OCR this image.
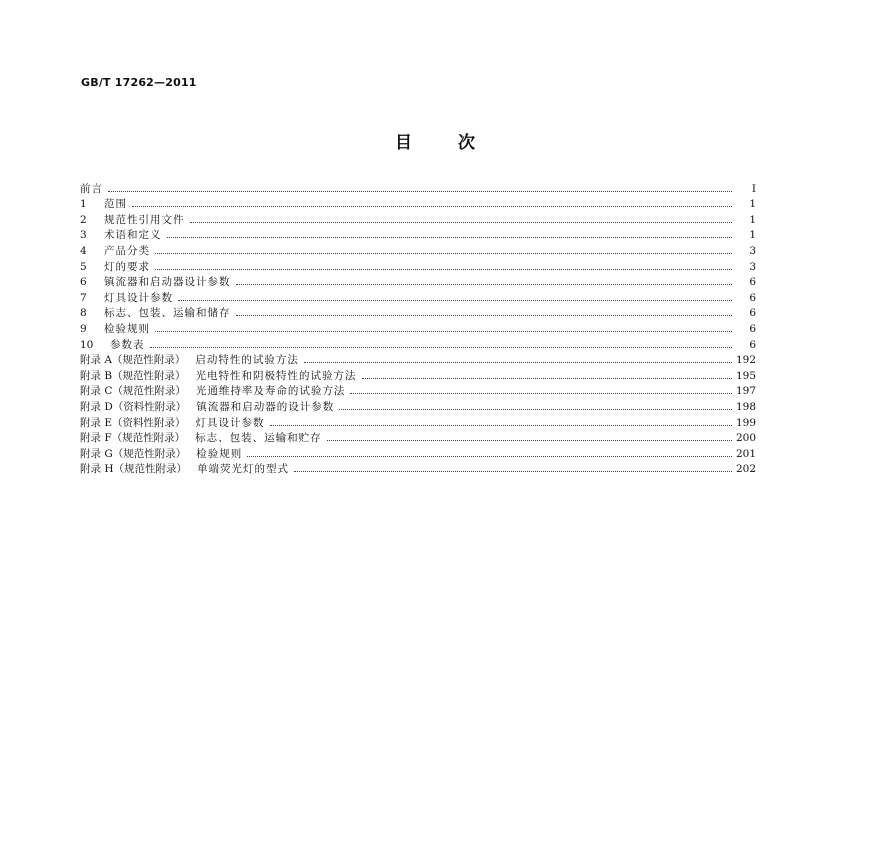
GB/T 17262—2011
目次
前言	I
1 范围	1
2 规范性引用文件	1
3 术语和定义	1
4 产品分类	3
5 灯的要求	3
6 镇流器和启动器设计参数	6
7 灯具设计参数	6
8 标志、包装、运输和储存	6
9 检验规则	6
10 参数表	6
附录 A（规范性附录） 启动特性的试验方法	192
附录 B（规范性附录） 光电特性和阴极特性的试验方法	195
附录 C（规范性附录） 光通维持率及寿命的试验方法	197
附录 D（资料性附录） 镇流器和启动器的设计参数	198
附录 E（资料性附录） 灯具设计参数	199
附录 F（规范性附录） 标志、包装、运输和贮存	200
附录 G（规范性附录） 检验规则	201
附录 H（规范性附录） 单端荧光灯的型式	202
